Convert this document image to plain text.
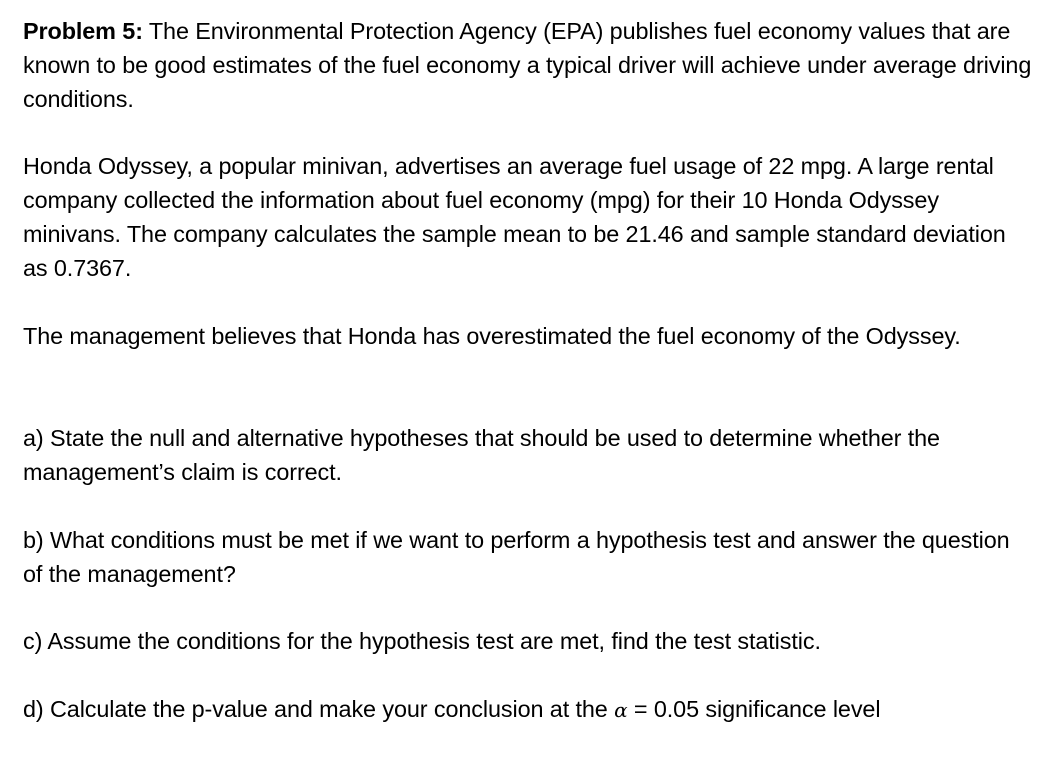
Problem 5: The Environmental Protection Agency (EPA) publishes fuel economy values that are known to be good estimates of the fuel economy a typical driver will achieve under average driving conditions.

Honda Odyssey, a popular minivan, advertises an average fuel usage of 22 mpg. A large rental company collected the information about fuel economy (mpg) for their 10 Honda Odyssey minivans. The company calculates the sample mean to be 21.46 and sample standard deviation as 0.7367.

The management believes that Honda has overestimated the fuel economy of the Odyssey.

a) State the null and alternative hypotheses that should be used to determine whether the management’s claim is correct.

b) What conditions must be met if we want to perform a hypothesis test and answer the question of the management?

c) Assume the conditions for the hypothesis test are met, find the test statistic.

d) Calculate the p-value and make your conclusion at the α = 0.05 significance level
